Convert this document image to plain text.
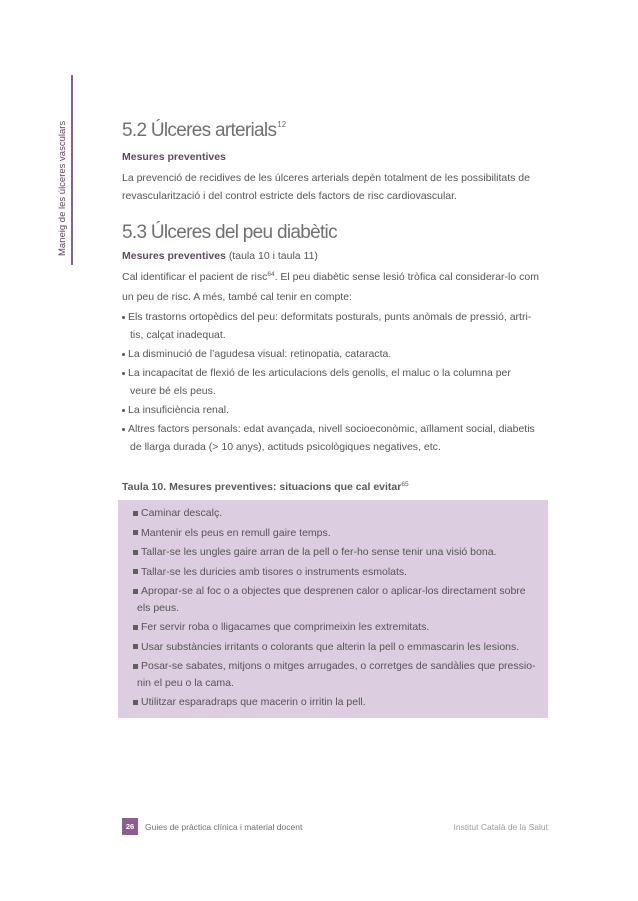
Maneig de les úlceres vasculars	5.2 Úlceres arterials$^{12}$
Mesures preventives
La prevenció de recidives de les úlceres arterials depèn totalment de les possibilitats de
revascularització i del control estricte dels factors de risc cardiovascular.
5.3 Úlceres del peu diabètic
Mesures preventives (taula 10 i taula 11)
Cal identificar el pacient de risc$^{64}$. El peu diabètic sense lesió tròfica cal considerar-lo com
un peu de risc. A més, també cal tenir en compte:
Els trastorns ortopèdics del peu: deformitats posturals, punts anòmals de pressió, artri-
tis, calçat inadequat.
La disminució de l’agudesa visual: retinopatia, cataracta.
La incapacitat de flexió de les articulacions dels genolls, el maluc o la columna per
veure bé els peus.
La insuficiència renal.
Altres factors personals: edat avançada, nivell socioeconòmic, aïllament social, diabetis
de llarga durada (> 10 anys), actituds psicològiques negatives, etc.
Taula 10. Mesures preventives: situacions que cal evitar$^{65}$
Caminar descalç.
Mantenir els peus en remull gaire temps.
Tallar-se les ungles gaire arran de la pell o fer-ho sense tenir una visió bona.
Tallar-se les duricies amb tisores o instruments esmolats.
Apropar-se al foc o a objectes que desprenen calor o aplicar-los directament sobre
els peus.
Fer servir roba o lligacames que comprimeixin les extremitats.
Usar substàncies irritants o colorants que alterin la pell o emmascarin les lesions.
Posar-se sabates, mitjons o mitges arrugades, o corretges de sandàlies que pressio-
nin el peu o la cama.
Utilitzar esparadraps que macerin o irritin la pell.
26	Guies de pràctica clínica i material docent	Institut Català de la Salut
